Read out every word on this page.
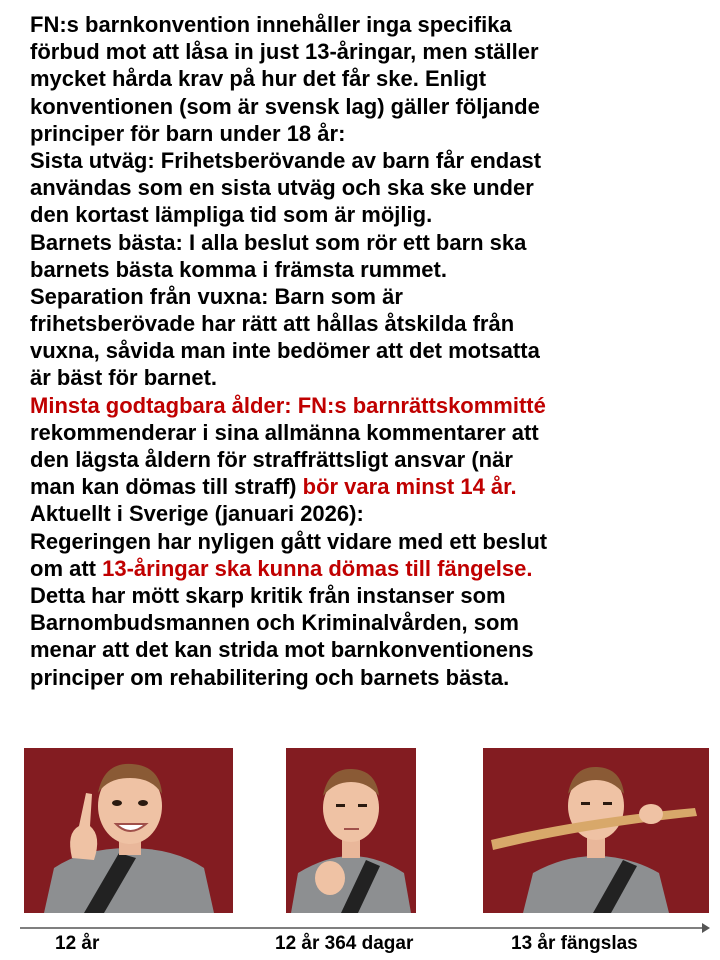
FN:s barnkonvention innehåller inga specifika
förbud mot att låsa in just 13-åringar, men ställer
mycket hårda krav på hur det får ske. Enligt
konventionen (som är svensk lag) gäller följande
principer för barn under 18 år:
Sista utväg: Frihetsberövande av barn får endast
användas som en sista utväg och ska ske under
den kortast lämpliga tid som är möjlig.
Barnets bästa: I alla beslut som rör ett barn ska
barnets bästa komma i främsta rummet.
Separation från vuxna: Barn som är
frihetsberövade har rätt att hållas åtskilda från
vuxna, såvida man inte bedömer att det motsatta
är bäst för barnet.
Minsta godtagbara ålder: FN:s barnrättskommitté
rekommenderar i sina allmänna kommentarer att
den lägsta åldern för straffrättsligt ansvar (när
man kan dömas till straff) bör vara minst 14 år.
Aktuellt i Sverige (januari 2026):
Regeringen har nyligen gått vidare med ett beslut
om att 13-åringar ska kunna dömas till fängelse.
Detta har mött skarp kritik från instanser som
Barnombudsmannen och Kriminalvården, som
menar att det kan strida mot barnkonventionens
principer om rehabilitering och barnets bästa.
12 år	12 år 364 dagar	13 år fängslas
